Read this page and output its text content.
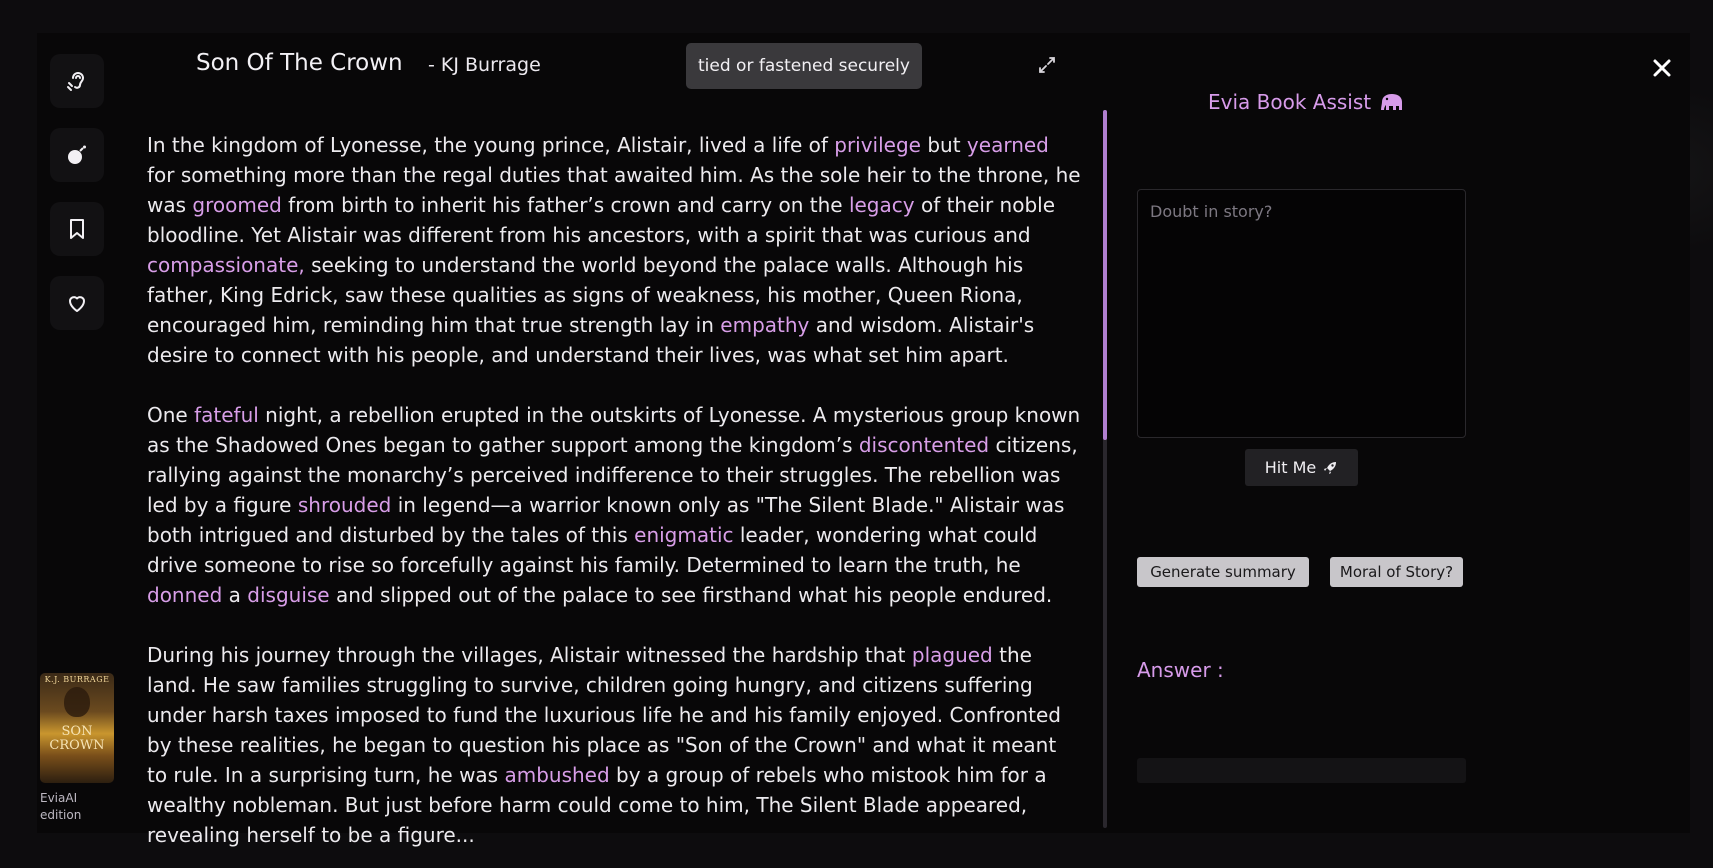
K.J. BURRAGE
SON CROWN
EviaAI edition
Son Of The Crown - KJ Burrage	tied or fastened securely

In the kingdom of Lyonesse, the young prince, Alistair, lived a life of privilege but yearned for something more than the regal duties that awaited him. As the sole heir to the throne, he was groomed from birth to inherit his father’s crown and carry on the legacy of their noble bloodline. Yet Alistair was different from his ancestors, with a spirit that was curious and compassionate, seeking to understand the world beyond the palace walls. Although his father, King Edrick, saw these qualities as signs of weakness, his mother, Queen Riona, encouraged him, reminding him that true strength lay in empathy and wisdom. Alistair's desire to connect with his people, and understand their lives, was what set him apart.

One fateful night, a rebellion erupted in the outskirts of Lyonesse. A mysterious group known as the Shadowed Ones began to gather support among the kingdom’s discontented citizens, rallying against the monarchy’s perceived indifference to their struggles. The rebellion was led by a figure shrouded in legend—a warrior known only as "The Silent Blade." Alistair was both intrigued and disturbed by the tales of this enigmatic leader, wondering what could drive someone to rise so forcefully against his family. Determined to learn the truth, he donned a disguise and slipped out of the palace to see firsthand what his people endured.

During his journey through the villages, Alistair witnessed the hardship that plagued the land. He saw families struggling to survive, children going hungry, and citizens suffering under harsh taxes imposed to fund the luxurious life he and his family enjoyed. Confronted by these realities, he began to question his place as "Son of the Crown" and what it meant to rule. In a surprising turn, he was ambushed by a group of rebels who mistook him for a wealthy nobleman. But just before harm could come to him, The Silent Blade appeared, revealing herself to be a figure...

Evia Book Assist
Doubt in story?
Hit Me
Generate summary	Moral of Story?
Answer :
